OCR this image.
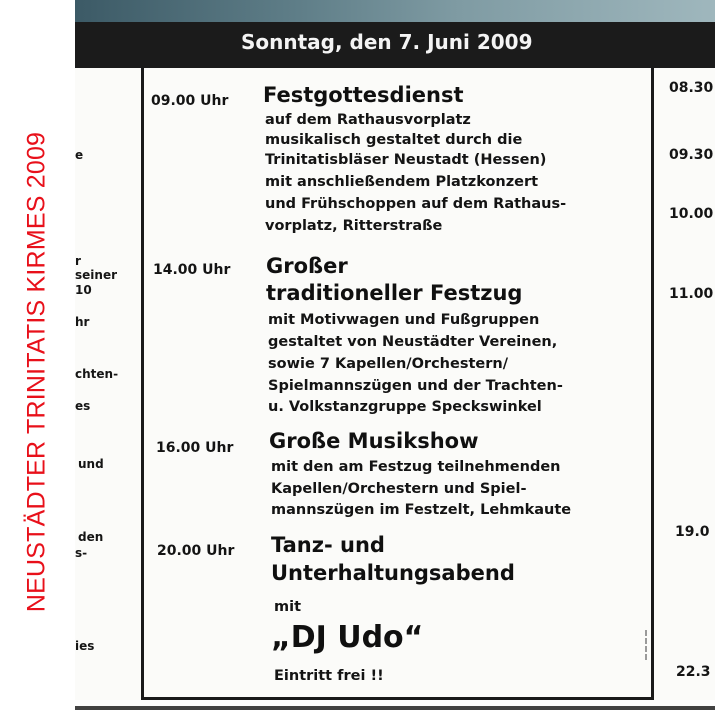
NEUSTÄDTER TRINITATIS KIRMES 2009
Sonntag, den 7. Juni 2009
e
r
seiner
10
hr
chten-
es
und
den
s-
ies
09.00 Uhr Festgottesdienst
auf dem Rathausvorplatz
musikalisch gestaltet durch die
Trinitatisbläser Neustadt (Hessen)
mit anschließendem Platzkonzert
und Frühschoppen auf dem Rathaus-
vorplatz, Ritterstraße
14.00 Uhr Großer
traditioneller Festzug
mit Motivwagen und Fußgruppen
gestaltet von Neustädter Vereinen,
sowie 7 Kapellen/Orchestern/
Spielmannszügen und der Trachten-
u. Volkstanzgruppe Speckswinkel
16.00 Uhr Große Musikshow
mit den am Festzug teilnehmenden
Kapellen/Orchestern und Spiel-
mannszügen im Festzelt, Lehmkaute
20.00 Uhr Tanz- und
Unterhaltungsabend
mit
„DJ Udo“
Eintritt frei !!
08.30
09.30
10.00
11.00
19.0
22.3
